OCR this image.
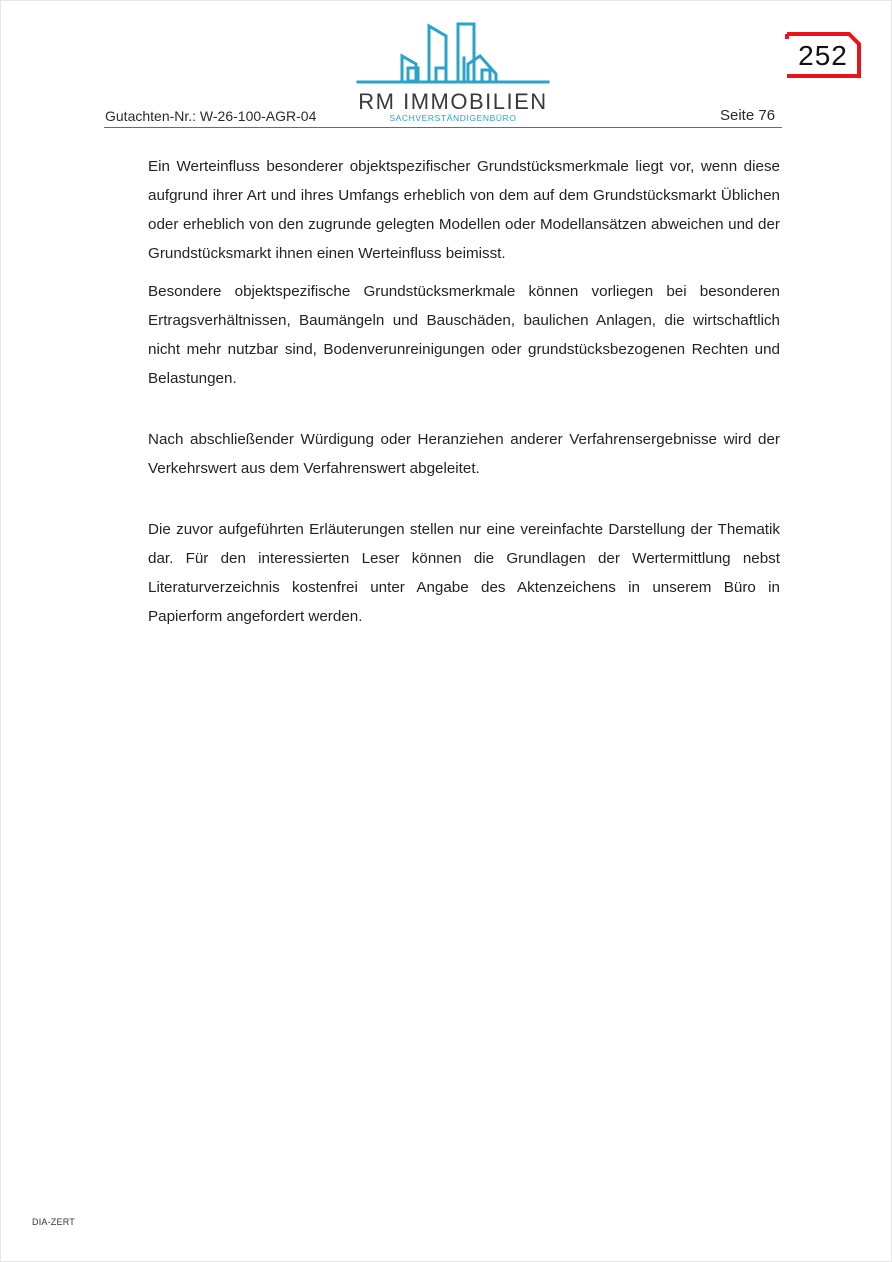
Gutachten-Nr.: W-26-100-AGR-04
RM IMMOBILIEN
SACHVERSTÄNDIGENBÜRO	Seite 76
252

Ein Werteinfluss besonderer objektspezifischer Grundstücksmerkmale liegt vor, wenn diese aufgrund ihrer Art und ihres Umfangs erheblich von dem auf dem Grundstücksmarkt Üblichen oder erheblich von den zugrunde gelegten Modellen oder Modellansätzen abweichen und der Grundstücksmarkt ihnen einen Werteinfluss beimisst.

Besondere objektspezifische Grundstücksmerkmale können vorliegen bei besonderen Ertragsverhältnissen, Baumängeln und Bauschäden, baulichen Anlagen, die wirtschaftlich nicht mehr nutzbar sind, Bodenverunreinigungen oder grundstücksbezogenen Rechten und Belastungen.

Nach abschließender Würdigung oder Heranziehen anderer Verfahrensergebnisse wird der Verkehrswert aus dem Verfahrenswert abgeleitet.

Die zuvor aufgeführten Erläuterungen stellen nur eine vereinfachte Darstellung der Thematik dar. Für den interessierten Leser können die Grundlagen der Wertermittlung nebst Literaturverzeichnis kostenfrei unter Angabe des Aktenzeichens in unserem Büro in Papierform angefordert werden.

DIA-ZERT
